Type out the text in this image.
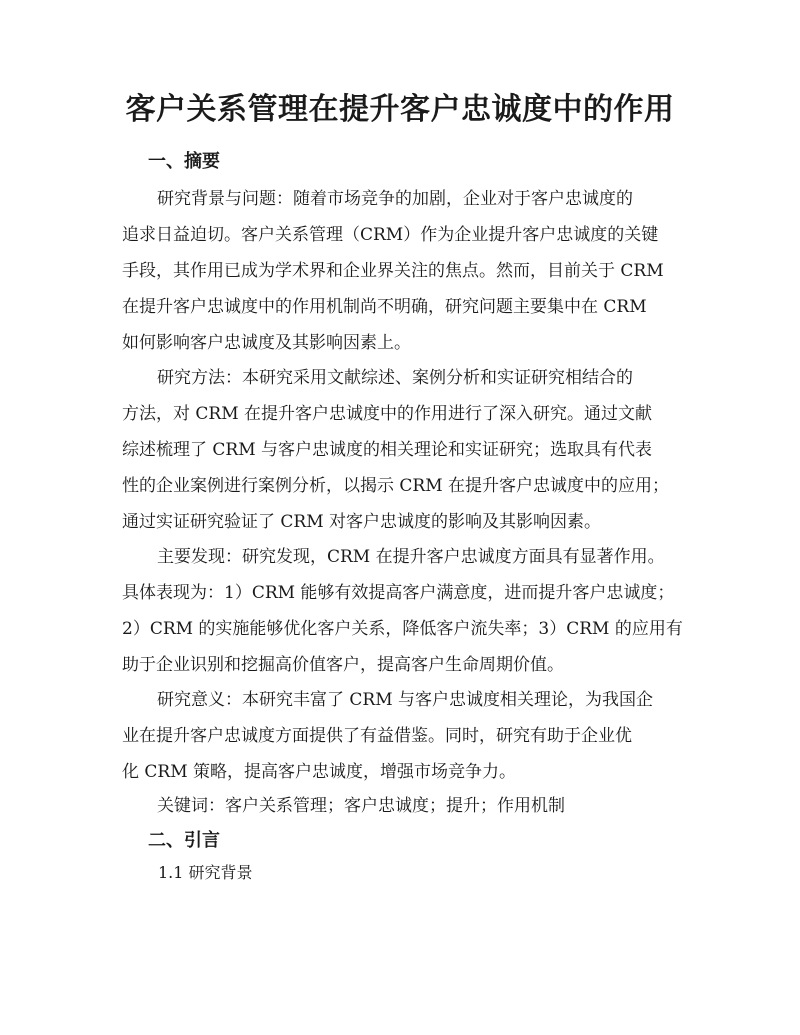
客户关系管理在提升客户忠诚度中的作用
一、摘要
研究背景与问题：随着市场竞争的加剧，企业对于客户忠诚度的
追求日益迫切。客户关系管理（CRM）作为企业提升客户忠诚度的关键
手段，其作用已成为学术界和企业界关注的焦点。然而，目前关于 CRM
在提升客户忠诚度中的作用机制尚不明确，研究问题主要集中在 CRM
如何影响客户忠诚度及其影响因素上。
研究方法：本研究采用文献综述、案例分析和实证研究相结合的
方法，对 CRM 在提升客户忠诚度中的作用进行了深入研究。通过文献
综述梳理了 CRM 与客户忠诚度的相关理论和实证研究；选取具有代表
性的企业案例进行案例分析，以揭示 CRM 在提升客户忠诚度中的应用；
通过实证研究验证了 CRM 对客户忠诚度的影响及其影响因素。
主要发现：研究发现，CRM 在提升客户忠诚度方面具有显著作用。
具体表现为：1）CRM 能够有效提高客户满意度，进而提升客户忠诚度；
2）CRM 的实施能够优化客户关系，降低客户流失率；3）CRM 的应用有
助于企业识别和挖掘高价值客户，提高客户生命周期价值。
研究意义：本研究丰富了 CRM 与客户忠诚度相关理论，为我国企
业在提升客户忠诚度方面提供了有益借鉴。同时，研究有助于企业优
化 CRM 策略，提高客户忠诚度，增强市场竞争力。

关键词：客户关系管理；客户忠诚度；提升；作用机制

二、引言

1.1 研究背景
